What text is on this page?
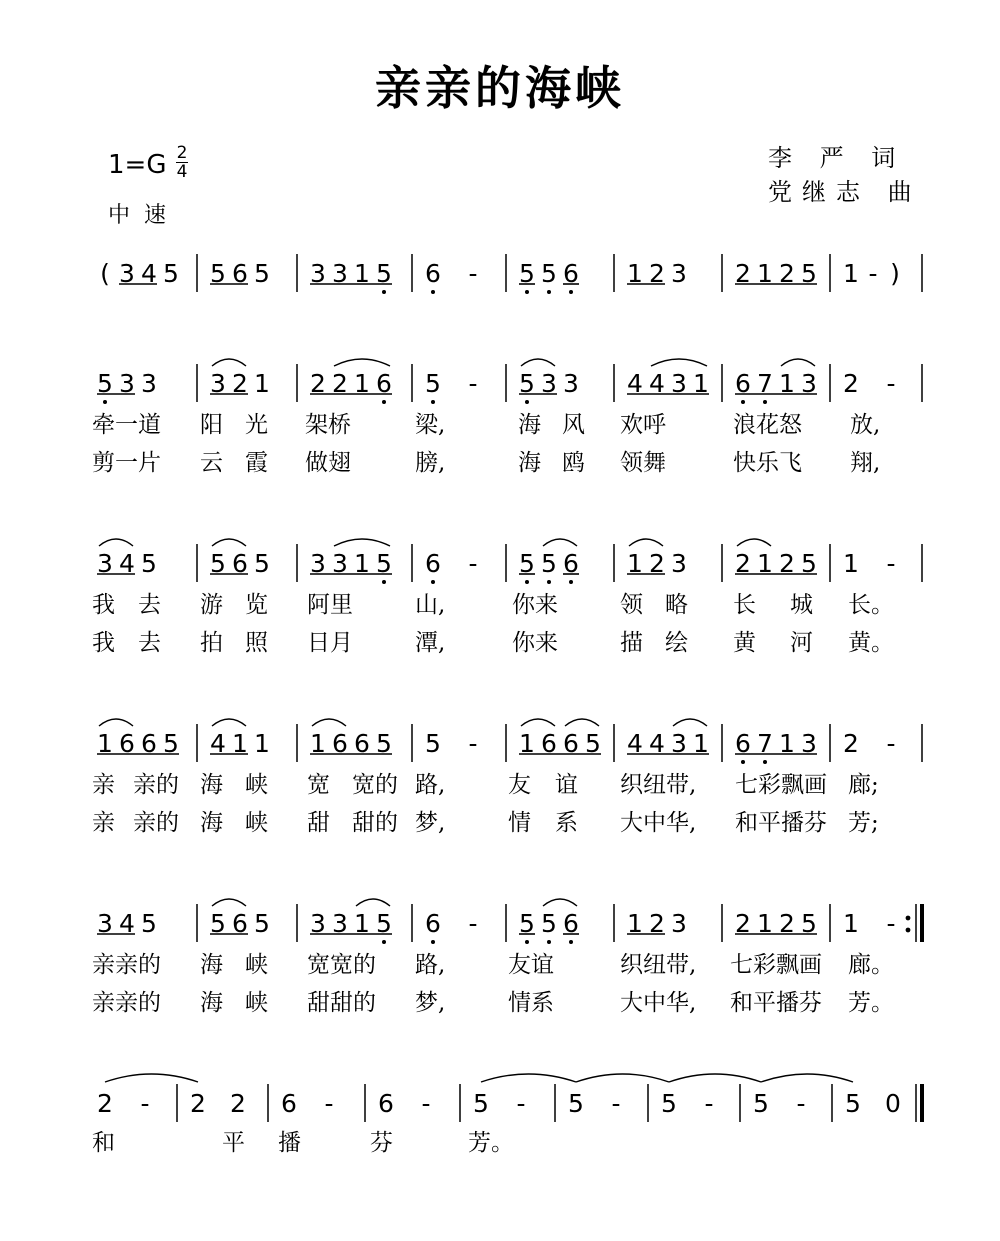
亲亲的海峡
李 严 词
党继志 曲
1=G 2
4
中速
( 3 4 5 5 6 5 3 3 1 5 6 - 5 5 6 1 2 3 2 1 2 5 1 - )
5 3 3 3 2 1 2 2 1 6 5 - 5 3 3 4 4 3 1 6 7 1 3 2 -
牵一道 阳 光 架桥	梁,	海 风 欢呼	浪花怒 放,
剪一片 云 霞 做翅	膀,	海 鸥 领舞	快乐飞 翔,
3 4 5 5 6 5 3 3 1 5 6 - 5 5 6 1 2 3 2 1 2 5 1 -
我 去 游 览 阿里	山,	你来	领 略 长 城 长。
我 去 拍 照 日月	潭,	你来	描 绘 黄 河 黄。
1 6 6 5 4 1 1 1 6 6 5 5 - 1 6 6 5 4 4 3 1 6 7 1 3 2 -
亲 亲的 海 峡 宽 宽的 路,	友 谊 织纽带, 七彩飘画 廊;
亲 亲的 海 峡 甜 甜的 梦,	情 系 大中华, 和平播芬 芳;
3 4 5 5 6 5 3 3 1 5 6 - 5 5 6 1 2 3 2 1 2 5 1 -
亲亲的 海 峡 宽宽的 路,	友谊	织纽带, 七彩飘画 廊。
亲亲的 海 峡 甜甜的 梦,	情系	大中华, 和平播芬 芳。
2 - 2 2 6 - 6 - 5 - 5 - 5 - 5 - 5 0
和	平 播	芬	芳。
